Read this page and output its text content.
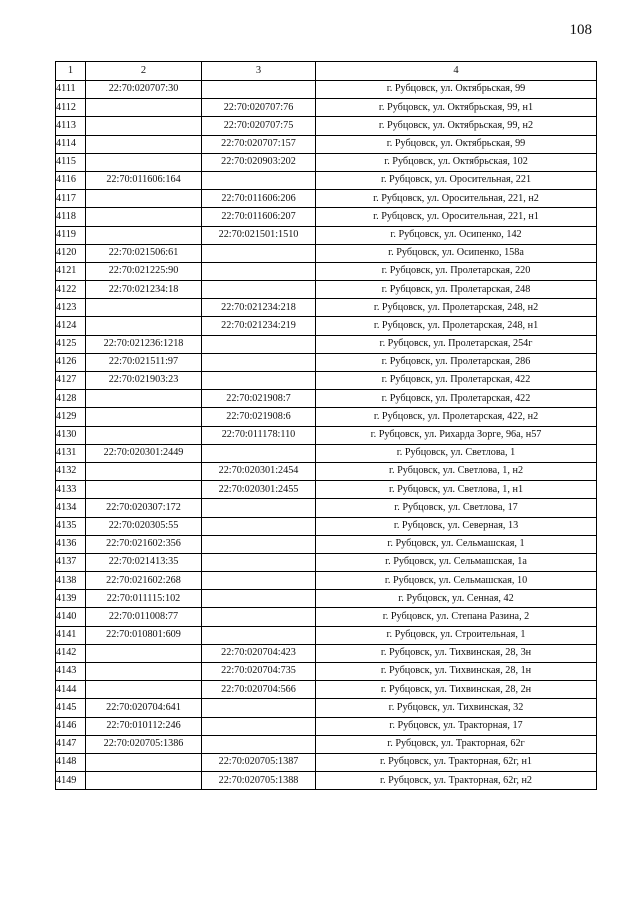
108
1	2	3	4
4111	22:70:020707:30		г. Рубцовск, ул. Октябрьская, 99
4112		22:70:020707:76	г. Рубцовск, ул. Октябрьская, 99, н1
4113		22:70:020707:75	г. Рубцовск, ул. Октябрьская, 99, н2
4114		22:70:020707:157	г. Рубцовск, ул. Октябрьская, 99
4115		22:70:020903:202	г. Рубцовск, ул. Октябрьская, 102
4116	22:70:011606:164		г. Рубцовск, ул. Оросительная, 221
4117		22:70:011606:206	г. Рубцовск, ул. Оросительная, 221, н2
4118		22:70:011606:207	г. Рубцовск, ул. Оросительная, 221, н1
4119		22:70:021501:1510	г. Рубцовск, ул. Осипенко, 142
4120	22:70:021506:61		г. Рубцовск, ул. Осипенко, 158а
4121	22:70:021225:90		г. Рубцовск, ул. Пролетарская, 220
4122	22:70:021234:18		г. Рубцовск, ул. Пролетарская, 248
4123		22:70:021234:218	г. Рубцовск, ул. Пролетарская, 248, н2
4124		22:70:021234:219	г. Рубцовск, ул. Пролетарская, 248, н1
4125	22:70:021236:1218		г. Рубцовск, ул. Пролетарская, 254г
4126	22:70:021511:97		г. Рубцовск, ул. Пролетарская, 286
4127	22:70:021903:23		г. Рубцовск, ул. Пролетарская, 422
4128		22:70:021908:7	г. Рубцовск, ул. Пролетарская, 422
4129		22:70:021908:6	г. Рубцовск, ул. Пролетарская, 422, н2
4130		22:70:011178:110	г. Рубцовск, ул. Рихарда Зорге, 96а, н57
4131	22:70:020301:2449		г. Рубцовск, ул. Светлова, 1
4132		22:70:020301:2454	г. Рубцовск, ул. Светлова, 1, н2
4133		22:70:020301:2455	г. Рубцовск, ул. Светлова, 1, н1
4134	22:70:020307:172		г. Рубцовск, ул. Светлова, 17
4135	22:70:020305:55		г. Рубцовск, ул. Северная, 13
4136	22:70:021602:356		г. Рубцовск, ул. Сельмашская, 1
4137	22:70:021413:35		г. Рубцовск, ул. Сельмашская, 1а
4138	22:70:021602:268		г. Рубцовск, ул. Сельмашская, 10
4139	22:70:011115:102		г. Рубцовск, ул. Сенная, 42
4140	22:70:011008:77		г. Рубцовск, ул. Степана Разина, 2
4141	22:70:010801:609		г. Рубцовск, ул. Строительная, 1
4142		22:70:020704:423	г. Рубцовск, ул. Тихвинская, 28, 3н
4143		22:70:020704:735	г. Рубцовск, ул. Тихвинская, 28, 1н
4144		22:70:020704:566	г. Рубцовск, ул. Тихвинская, 28, 2н
4145	22:70:020704:641		г. Рубцовск, ул. Тихвинская, 32
4146	22:70:010112:246		г. Рубцовск, ул. Тракторная, 17
4147	22:70:020705:1386		г. Рубцовск, ул. Тракторная, 62г
4148		22:70:020705:1387	г. Рубцовск, ул. Тракторная, 62г, н1
4149		22:70:020705:1388	г. Рубцовск, ул. Тракторная, 62г, н2
